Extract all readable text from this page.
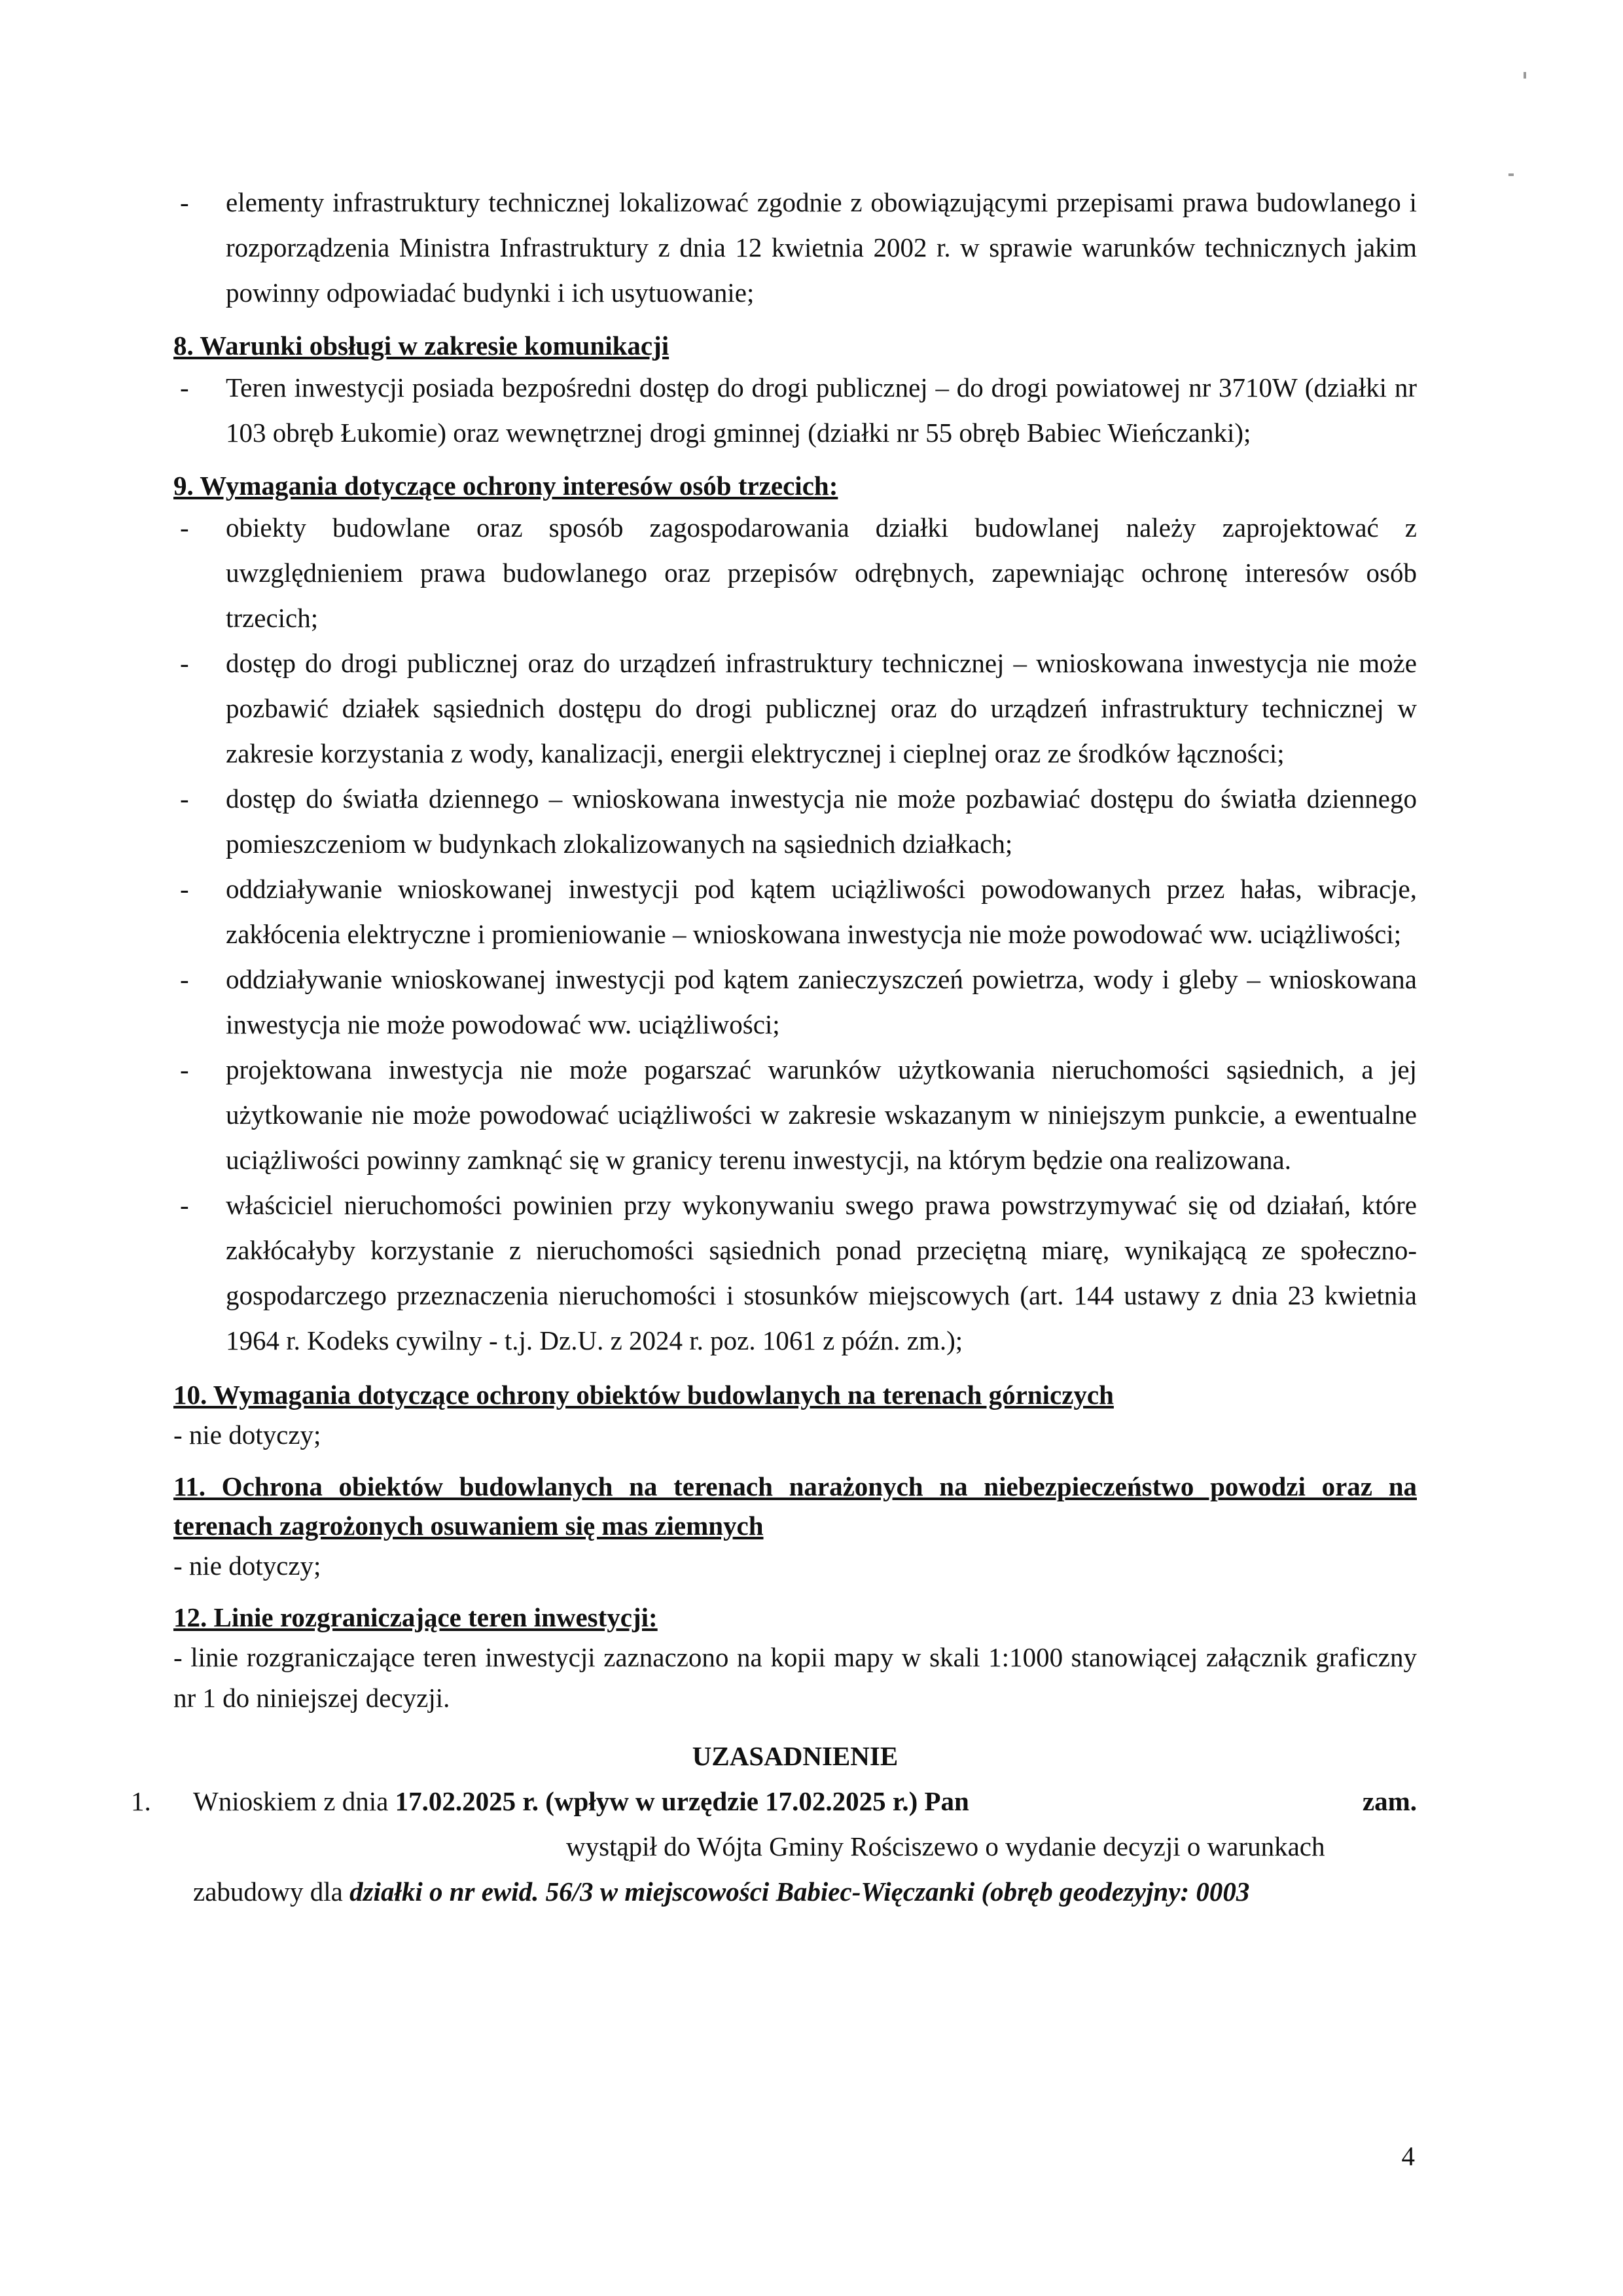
- elementy infrastruktury technicznej lokalizować zgodnie z obowiązującymi przepisami prawa budowlanego i rozporządzenia Ministra Infrastruktury z dnia 12 kwietnia 2002 r. w sprawie warunków technicznych jakim powinny odpowiadać budynki i ich usytuowanie;
8. Warunki obsługi w zakresie komunikacji
- Teren inwestycji posiada bezpośredni dostęp do drogi publicznej – do drogi powiatowej nr 3710W (działki nr 103 obręb Łukomie) oraz wewnętrznej drogi gminnej (działki nr 55 obręb Babiec Wieńczanki);
9. Wymagania dotyczące ochrony interesów osób trzecich:
- obiekty budowlane oraz sposób zagospodarowania działki budowlanej należy zaprojektować z uwzględnieniem prawa budowlanego oraz przepisów odrębnych, zapewniając ochronę interesów osób trzecich;
- dostęp do drogi publicznej oraz do urządzeń infrastruktury technicznej – wnioskowana inwestycja nie może pozbawić działek sąsiednich dostępu do drogi publicznej oraz do urządzeń infrastruktury technicznej w zakresie korzystania z wody, kanalizacji, energii elektrycznej i cieplnej oraz ze środków łączności;
- dostęp do światła dziennego – wnioskowana inwestycja nie może pozbawiać dostępu do światła dziennego pomieszczeniom w budynkach zlokalizowanych na sąsiednich działkach;
- oddziaływanie wnioskowanej inwestycji pod kątem uciążliwości powodowanych przez hałas, wibracje, zakłócenia elektryczne i promieniowanie – wnioskowana inwestycja nie może powodować ww. uciążliwości;
- oddziaływanie wnioskowanej inwestycji pod kątem zanieczyszczeń powietrza, wody i gleby – wnioskowana inwestycja nie może powodować ww. uciążliwości;
- projektowana inwestycja nie może pogarszać warunków użytkowania nieruchomości sąsiednich, a jej użytkowanie nie może powodować uciążliwości w zakresie wskazanym w niniejszym punkcie, a ewentualne uciążliwości powinny zamknąć się w granicy terenu inwestycji, na którym będzie ona realizowana.
- właściciel nieruchomości powinien przy wykonywaniu swego prawa powstrzymywać się od działań, które zakłócałyby korzystanie z nieruchomości sąsiednich ponad przeciętną miarę, wynikającą ze społeczno-gospodarczego przeznaczenia nieruchomości i stosunków miejscowych (art. 144 ustawy z dnia 23 kwietnia 1964 r. Kodeks cywilny - t.j. Dz.U. z 2024 r. poz. 1061 z późn. zm.);
10. Wymagania dotyczące ochrony obiektów budowlanych na terenach górniczych
- nie dotyczy;
11. Ochrona obiektów budowlanych na terenach narażonych na niebezpieczeństwo powodzi oraz na terenach zagrożonych osuwaniem się mas ziemnych
- nie dotyczy;
12. Linie rozgraniczające teren inwestycji:
- linie rozgraniczające teren inwestycji zaznaczono na kopii mapy w skali 1:1000 stanowiącej załącznik graficzny nr 1 do niniejszej decyzji.
UZASADNIENIE
1. Wnioskiem z dnia 17.02.2025 r. (wpływ w urzędzie 17.02.2025 r.) Pan	zam.
wystąpił do Wójta Gminy Rościszewo o wydanie decyzji o warunkach
zabudowy dla działki o nr ewid. 56/3 w miejscowości Babiec-Więczanki (obręb geodezyjny: 0003
4
